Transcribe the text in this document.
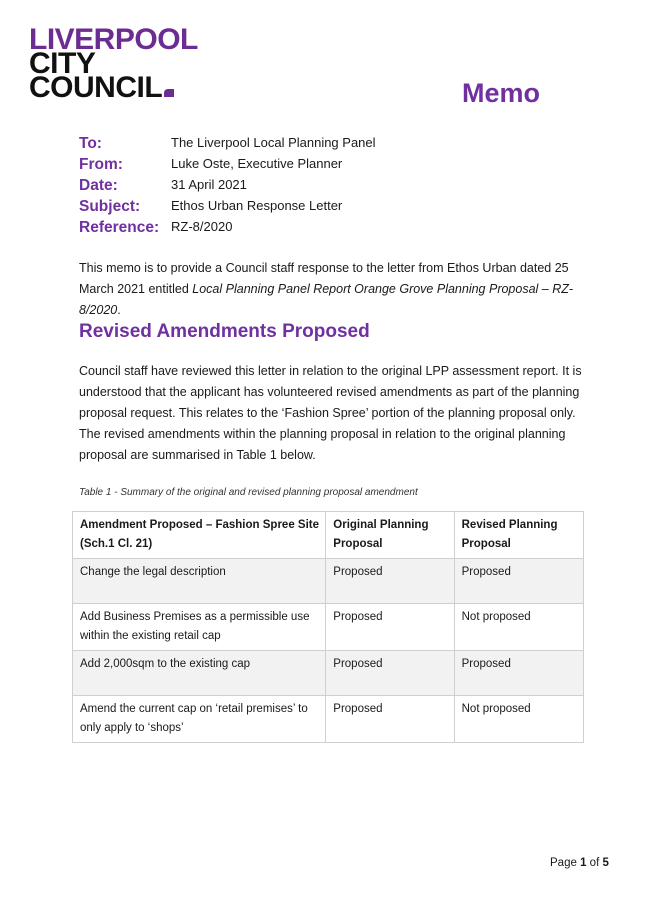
LIVERPOOL
CITY
COUNCIL	Memo
To:	The Liverpool Local Planning Panel
From:	Luke Oste, Executive Planner
Date:	31 April 2021
Subject:	Ethos Urban Response Letter
Reference: RZ-8/2020
This memo is to provide a Council staff response to the letter from Ethos Urban dated 25 March 2021 entitled Local Planning Panel Report Orange Grove Planning Proposal – RZ-8/2020.
Revised Amendments Proposed
Council staff have reviewed this letter in relation to the original LPP assessment report. It is understood that the applicant has volunteered revised amendments as part of the planning proposal request. This relates to the ‘Fashion Spree’ portion of the planning proposal only. The revised amendments within the planning proposal in relation to the original planning proposal are summarised in Table 1 below.
Table 1 - Summary of the original and revised planning proposal amendment
Amendment Proposed – Fashion Spree Site (Sch.1 Cl. 21)	Original Planning Proposal	Revised Planning Proposal
Change the legal description	Proposed	Proposed
Add Business Premises as a permissible use within the existing retail cap	Proposed	Not proposed
Add 2,000sqm to the existing cap	Proposed	Proposed
Amend the current cap on ‘retail premises’ to only apply to ‘shops’	Proposed	Not proposed
Page 1 of 5
